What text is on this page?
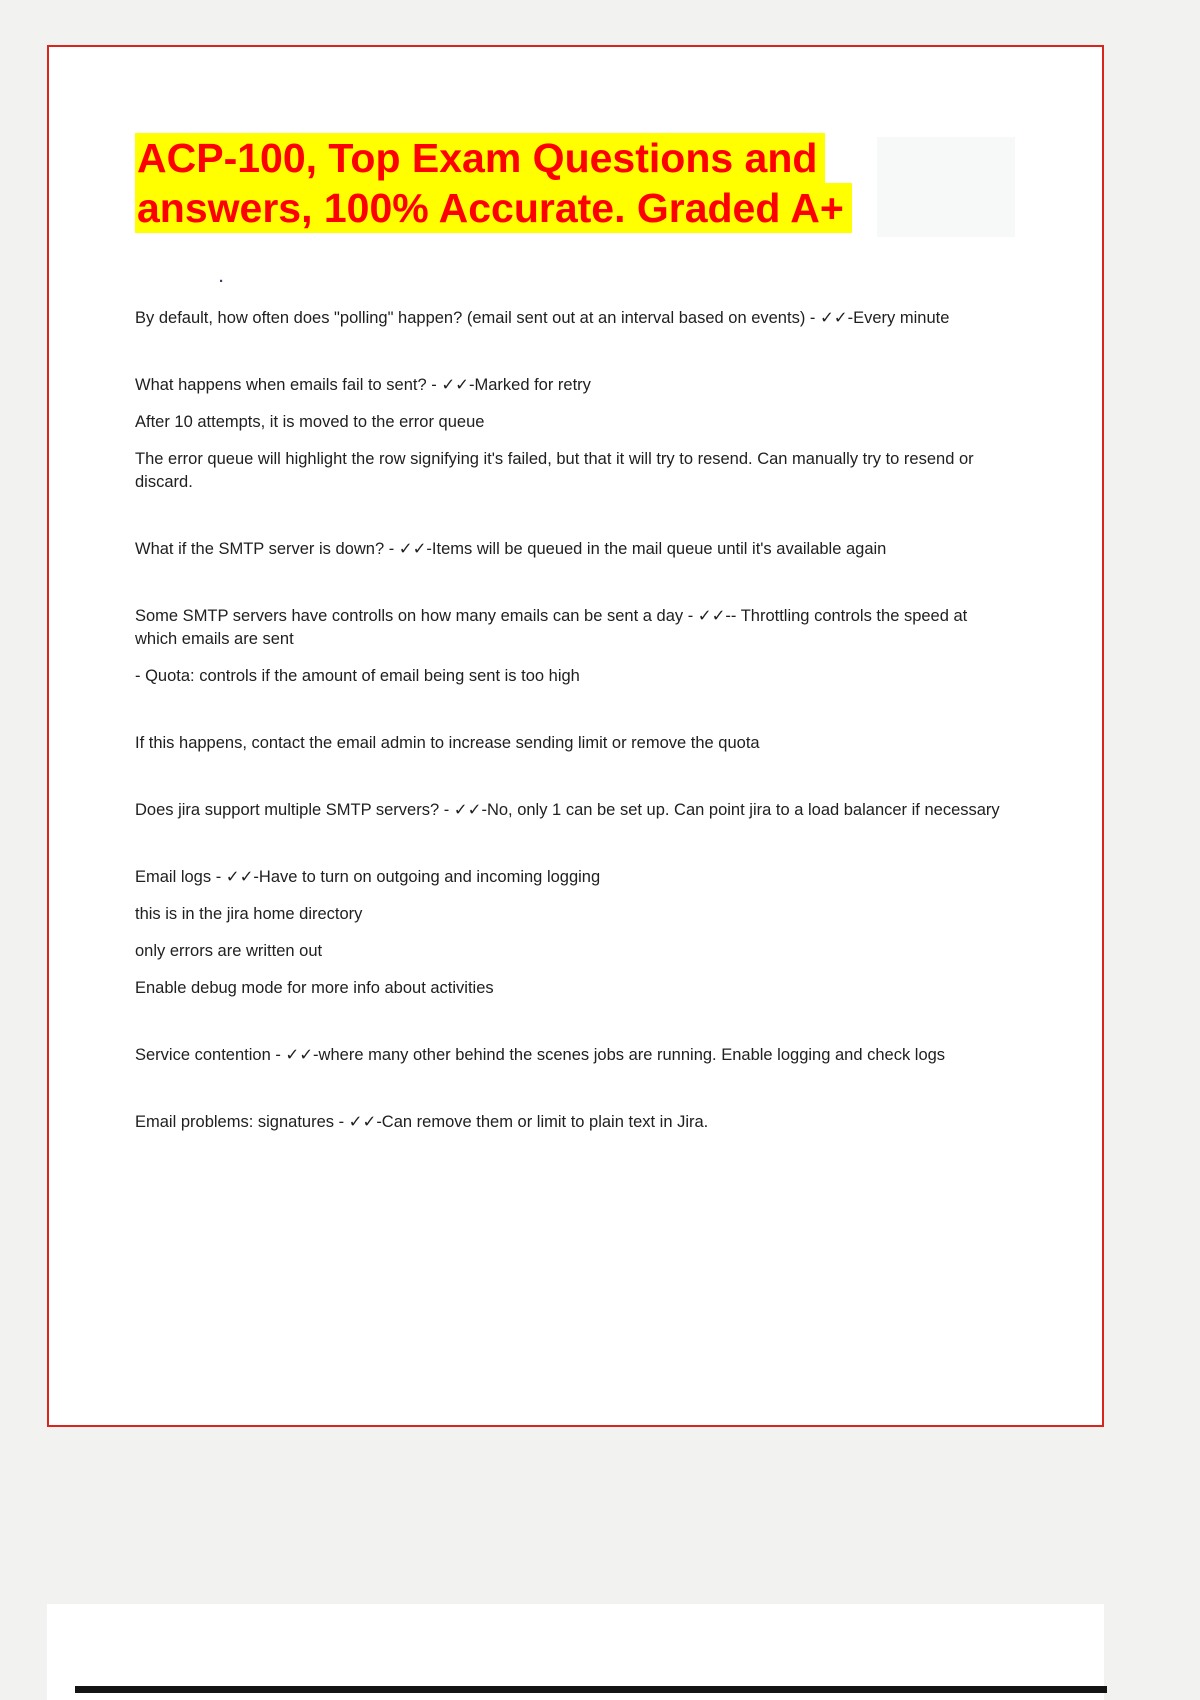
ACP-100, Top Exam Questions and
answers, 100% Accurate. Graded A+
.

By default, how often does "polling" happen? (email sent out at an interval based on events) - ✓✓-Every minute

What happens when emails fail to sent? - ✓✓-Marked for retry

After 10 attempts, it is moved to the error queue

The error queue will highlight the row signifying it's failed, but that it will try to resend. Can manually try to resend or discard.

What if the SMTP server is down? - ✓✓-Items will be queued in the mail queue until it's available again

Some SMTP servers have controlls on how many emails can be sent a day - ✓✓-- Throttling controls the speed at which emails are sent

- Quota: controls if the amount of email being sent is too high

If this happens, contact the email admin to increase sending limit or remove the quota

Does jira support multiple SMTP servers? - ✓✓-No, only 1 can be set up. Can point jira to a load balancer if necessary

Email logs - ✓✓-Have to turn on outgoing and incoming logging

this is in the jira home directory

only errors are written out

Enable debug mode for more info about activities

Service contention - ✓✓-where many other behind the scenes jobs are running. Enable logging and check logs

Email problems: signatures - ✓✓-Can remove them or limit to plain text in Jira.
